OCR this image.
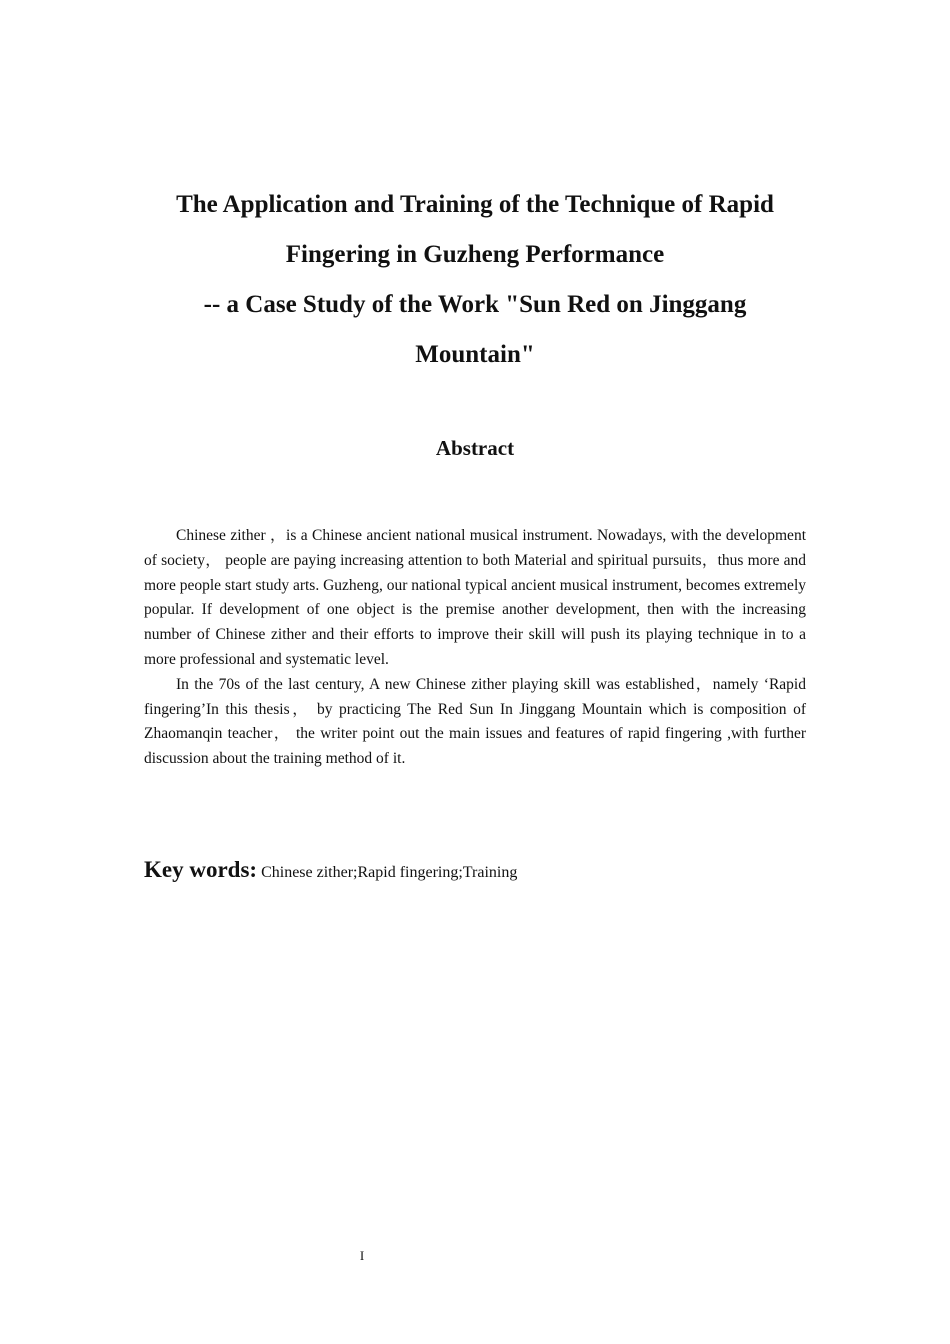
The Application and Training of the Technique of Rapid
Fingering in Guzheng Performance
-- a Case Study of the Work "Sun Red on Jinggang
Mountain"
Abstract

Chinese zither ，is a Chinese ancient national musical instrument. Nowadays, with the development of society， people are paying increasing attention to both Material and spiritual pursuits，thus more and more people start study arts. Guzheng, our national typical ancient musical instrument, becomes extremely popular. If development of one object is the premise another development, then with the increasing number of Chinese zither and their efforts to improve their skill will push its playing technique in to a more professional and systematic level.

In the 70s of the last century, A new Chinese zither playing skill was established，namely ‘Rapid fingering’In this thesis， by practicing The Red Sun In Jinggang Mountain which is composition of Zhaomanqin teacher， the writer point out the main issues and features of rapid fingering ,with further discussion about the training method of it.

Key words: Chinese zither;Rapid fingering;Training
I
